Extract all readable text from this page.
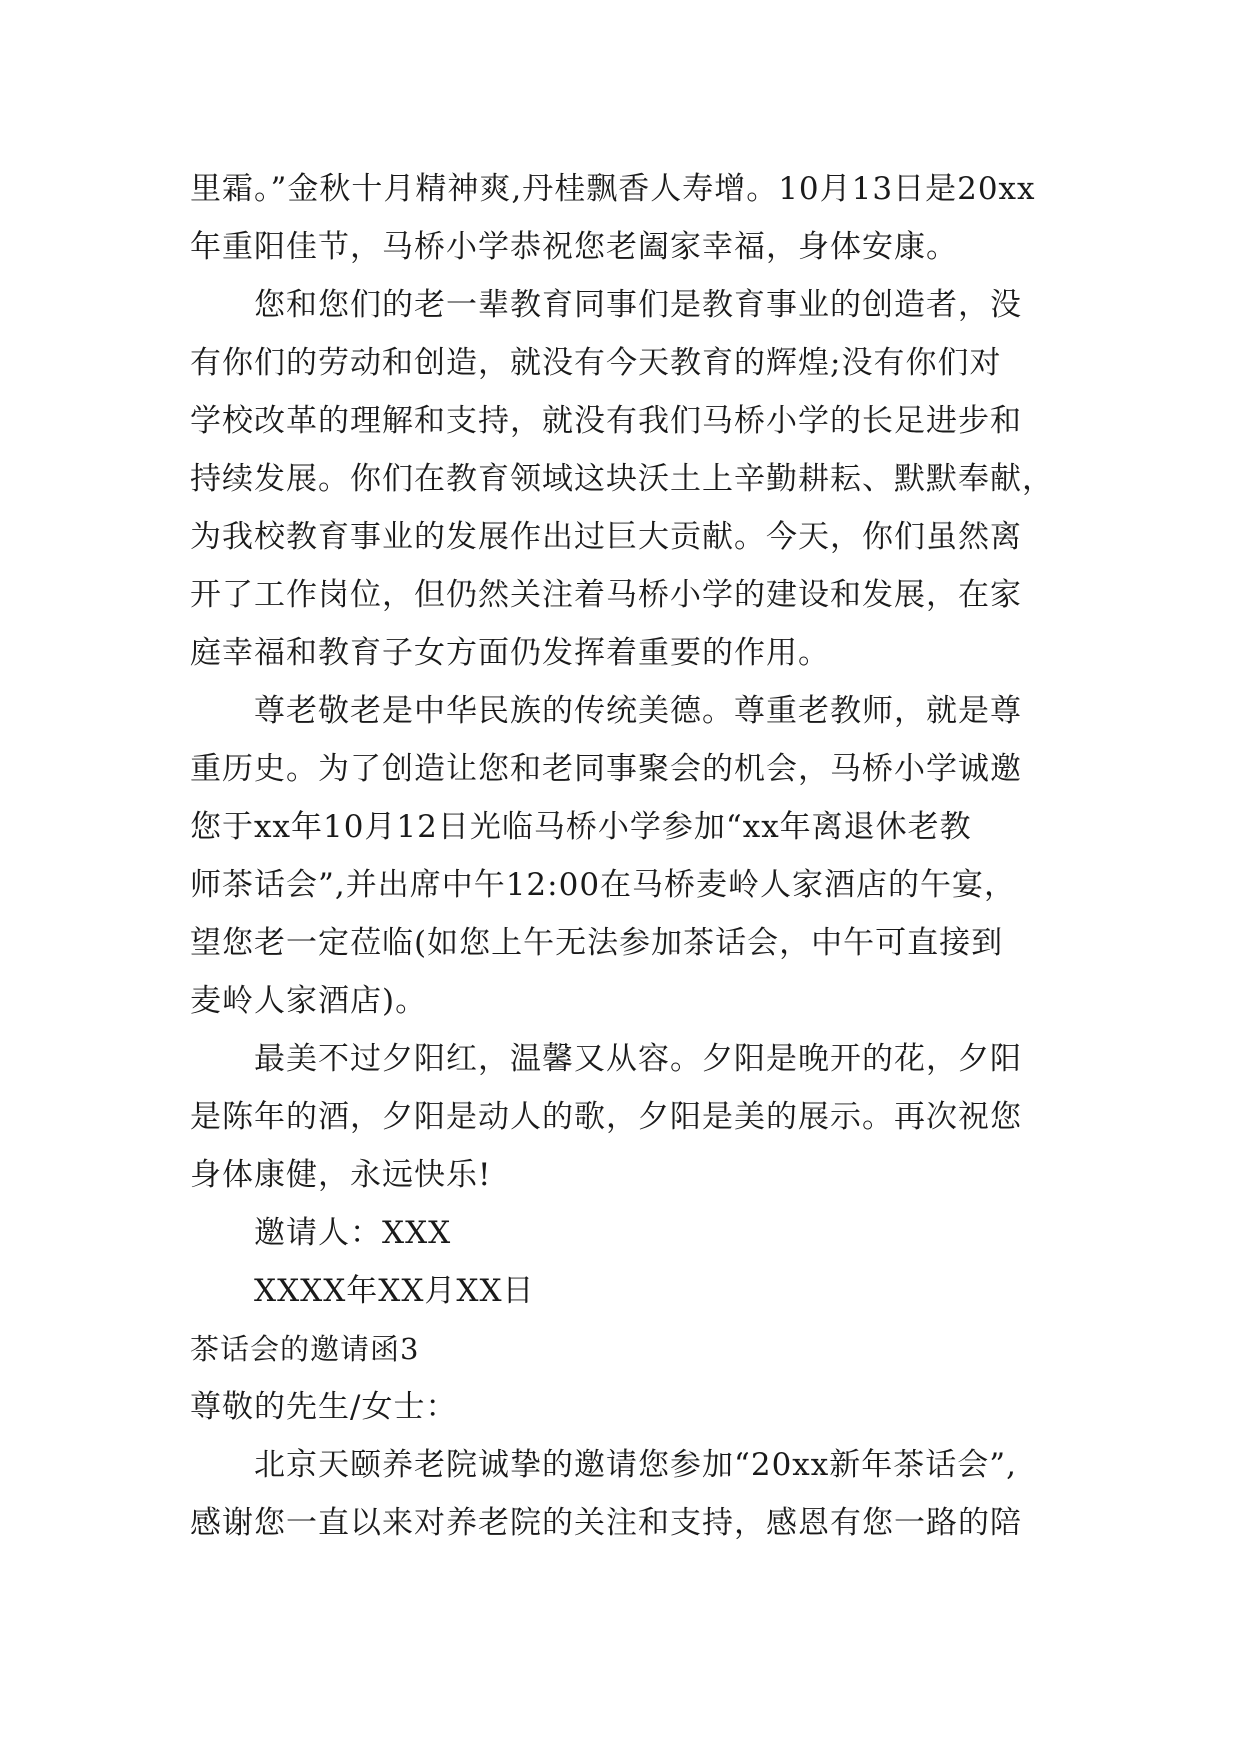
里霜。”金秋十月精神爽,丹桂飘香人寿增。10月13日是20xx
年重阳佳节，马桥小学恭祝您老阖家幸福，身体安康。
您和您们的老一辈教育同事们是教育事业的创造者，没
有你们的劳动和创造，就没有今天教育的辉煌;没有你们对
学校改革的理解和支持，就没有我们马桥小学的长足进步和
持续发展。你们在教育领域这块沃土上辛勤耕耘、默默奉献，
为我校教育事业的发展作出过巨大贡献。今天，你们虽然离
开了工作岗位，但仍然关注着马桥小学的建设和发展，在家
庭幸福和教育子女方面仍发挥着重要的作用。
尊老敬老是中华民族的传统美德。尊重老教师，就是尊
重历史。为了创造让您和老同事聚会的机会，马桥小学诚邀
您于xx年10月12日光临马桥小学参加“xx年离退休老教
师茶话会”,并出席中午12:00在马桥麦岭人家酒店的午宴，
望您老一定莅临(如您上午无法参加茶话会，中午可直接到
麦岭人家酒店)。
最美不过夕阳红，温馨又从容。夕阳是晚开的花，夕阳
是陈年的酒，夕阳是动人的歌，夕阳是美的展示。再次祝您
身体康健，永远快乐!
邀请人：XXX
XXXX年XX月XX日
茶话会的邀请函3
尊敬的先生/女士：
北京天颐养老院诚挚的邀请您参加“20xx新年茶话会”,
感谢您一直以来对养老院的关注和支持，感恩有您一路的陪
